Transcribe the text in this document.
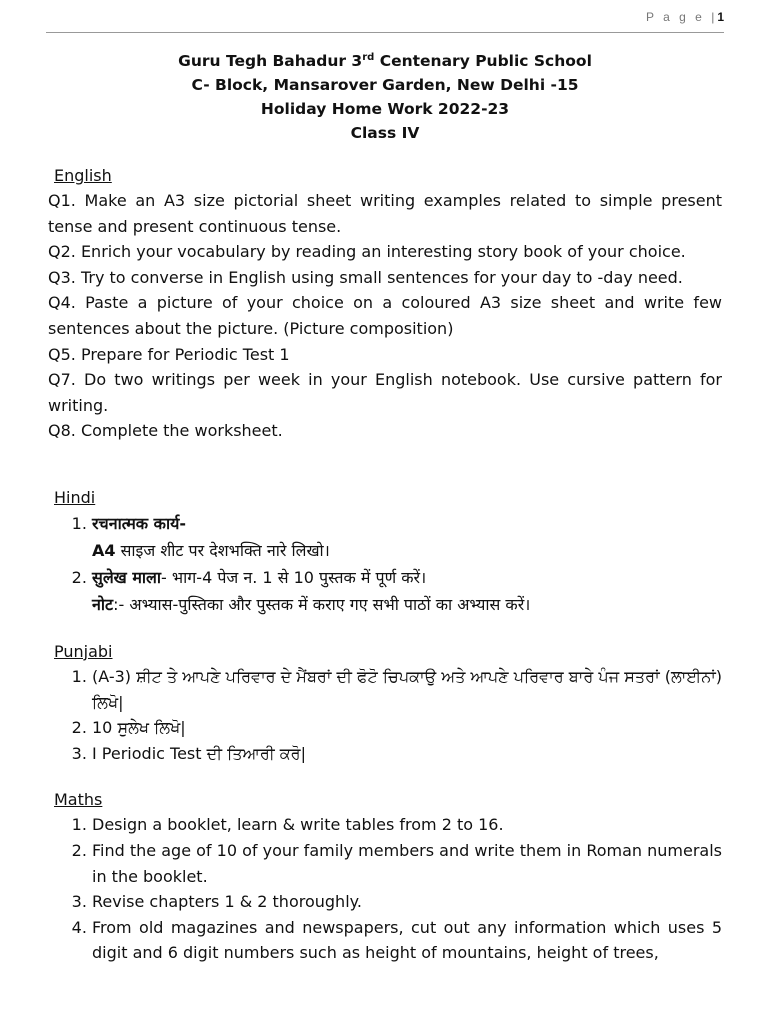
P a g e |1
Guru Tegh Bahadur 3rd Centenary Public School
C- Block, Mansarover Garden, New Delhi -15
Holiday Home Work 2022-23
Class IV
English
Q1. Make an A3 size pictorial sheet writing examples related to simple present tense and present continuous tense.
Q2. Enrich your vocabulary by reading an interesting story book of your choice.
Q3. Try to converse in English using small sentences for your day to -day need.
Q4. Paste a picture of your choice on a coloured A3 size sheet and write few sentences about the picture. (Picture composition)
Q5. Prepare for Periodic Test 1
Q7. Do two writings per week in your English notebook. Use cursive pattern for writing.
Q8. Complete the worksheet.
Hindi
1. रचनात्मक कार्य-
A4 साइज शीट पर देशभक्ति नारे लिखो।
2. सुलेख माला- भाग-4 पेज न. 1 से 10 पुस्तक में पूर्ण करें।
नोट:- अभ्यास-पुस्तिका और पुस्तक में कराए गए सभी पाठों का अभ्यास करें।
Punjabi
1. (A-3) ਸ਼ੀਟ ਤੇ ਆਪਣੇ ਪਰਿਵਾਰ ਦੇ ਮੈਂਬਰਾਂ ਦੀ ਫੋਟੋ ਚਿਪਕਾਉ ਅਤੇ ਆਪਣੇ ਪਰਿਵਾਰ ਬਾਰੇ ਪੰਜ ਸਤਰਾਂ (ਲਾਈਨਾਂ) ਲਿਖੋ|
2. 10 ਸੁਲੇਖ ਲਿਖੋ|
3. I Periodic Test ਦੀ ਤਿਆਰੀ ਕਰੋ|
Maths
1. Design a booklet, learn & write tables from 2 to 16.
2. Find the age of 10 of your family members and write them in Roman numerals in the booklet.
3. Revise chapters 1 & 2 thoroughly.
4. From old magazines and newspapers, cut out any information which uses 5 digit and 6 digit numbers such as height of mountains, height of trees,
